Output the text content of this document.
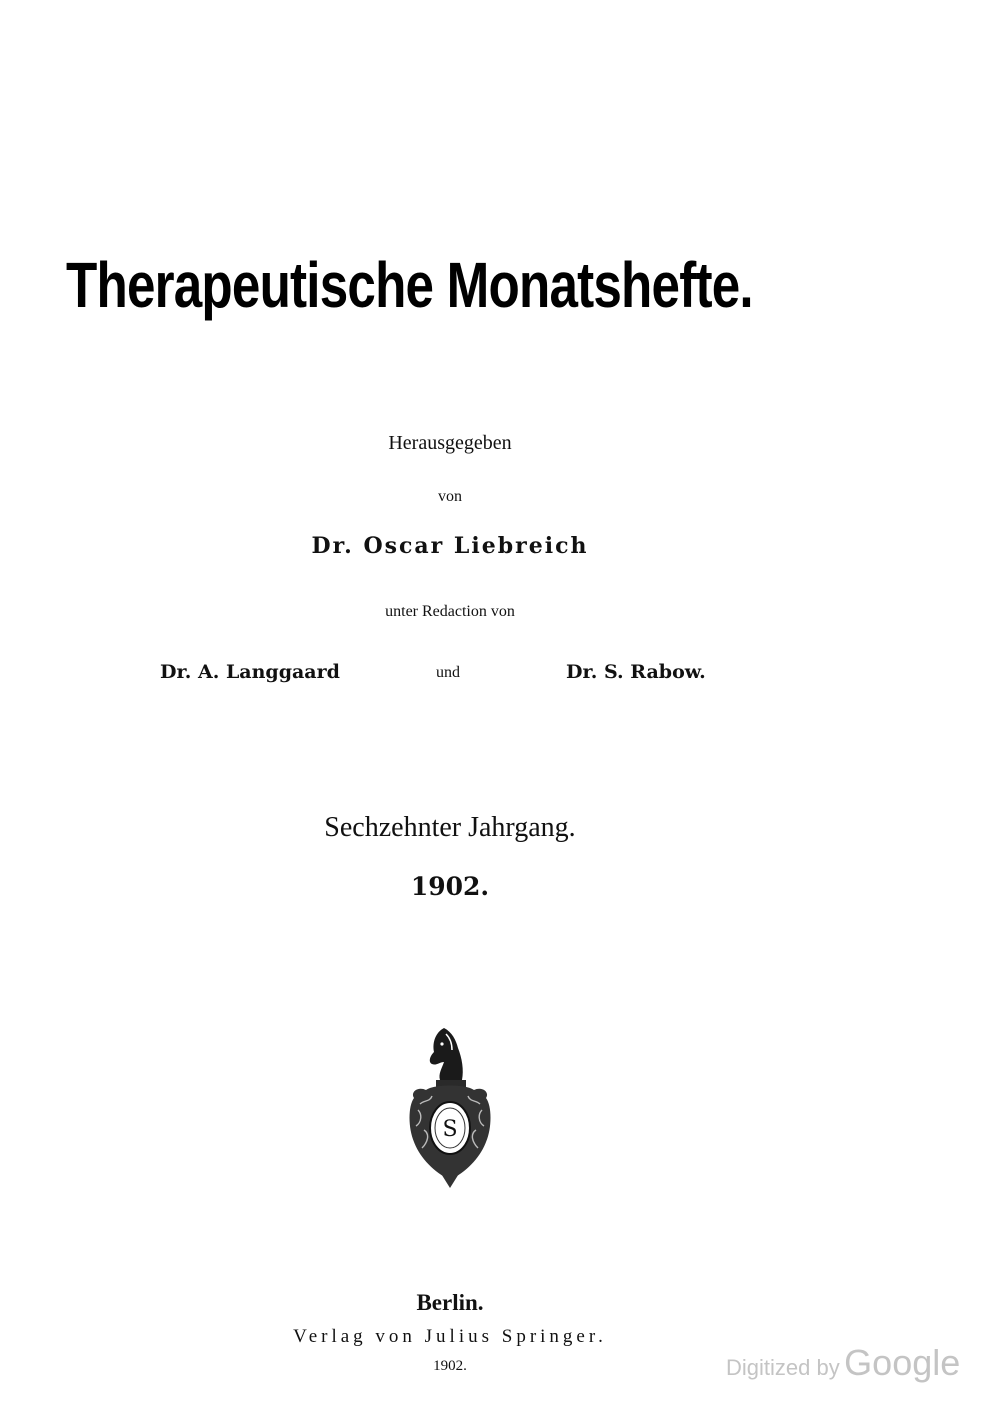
Therapeutische Monatshefte.
Herausgegeben
von
Dr. Oscar Liebreich
unter Redaction von
Dr. A. Langgaard	und	Dr. S. Rabow.
Sechzehnter Jahrgang.
1902.
S
Berlin.
Verlag von Julius Springer.
1902.	Digitized by Google
